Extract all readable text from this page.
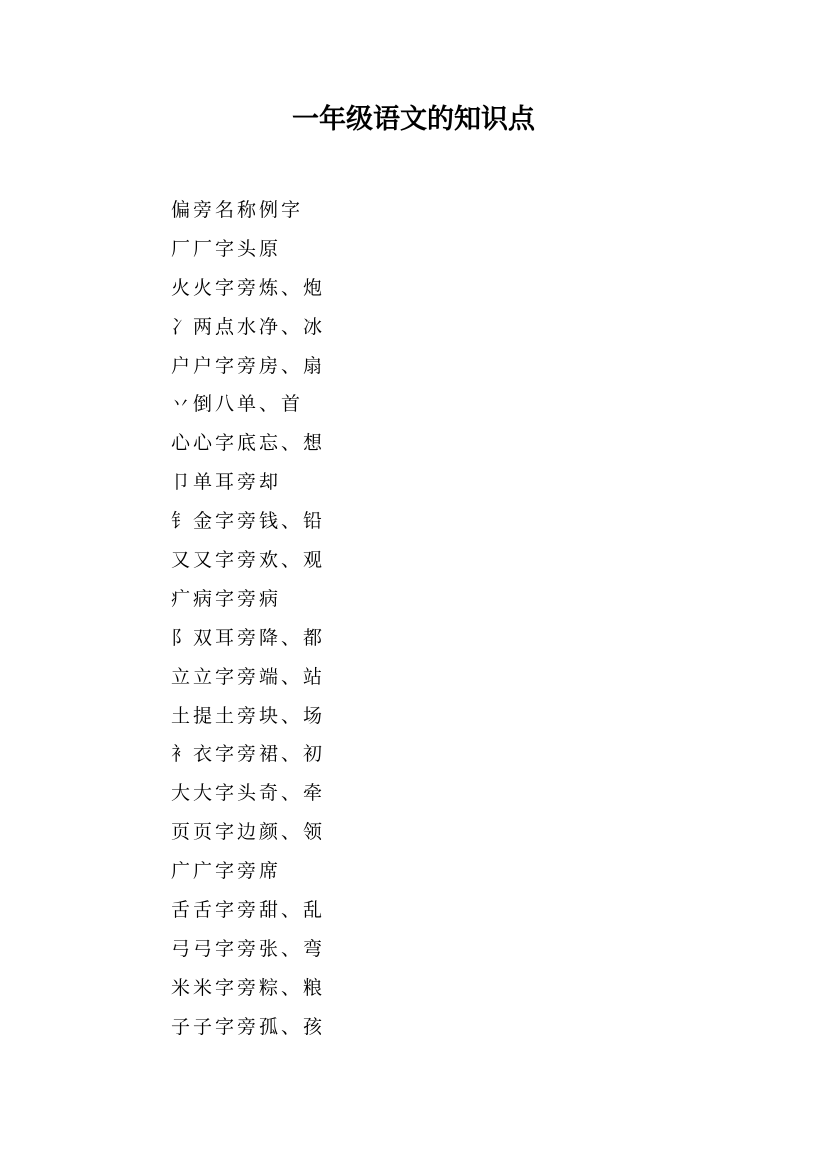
一年级语文的知识点
偏旁名称例字
厂厂字头原
火火字旁炼、炮
冫两点水净、冰
户户字旁房、扇
丷倒八单、首
心心字底忘、想
卩单耳旁却
钅金字旁钱、铅
又又字旁欢、观
疒病字旁病
阝双耳旁降、都
立立字旁端、站
土提土旁块、场
衤衣字旁裙、初
大大字头奇、牵
页页字边颜、领
广广字旁席
舌舌字旁甜、乱
弓弓字旁张、弯
米米字旁粽、粮
子子字旁孤、孩
